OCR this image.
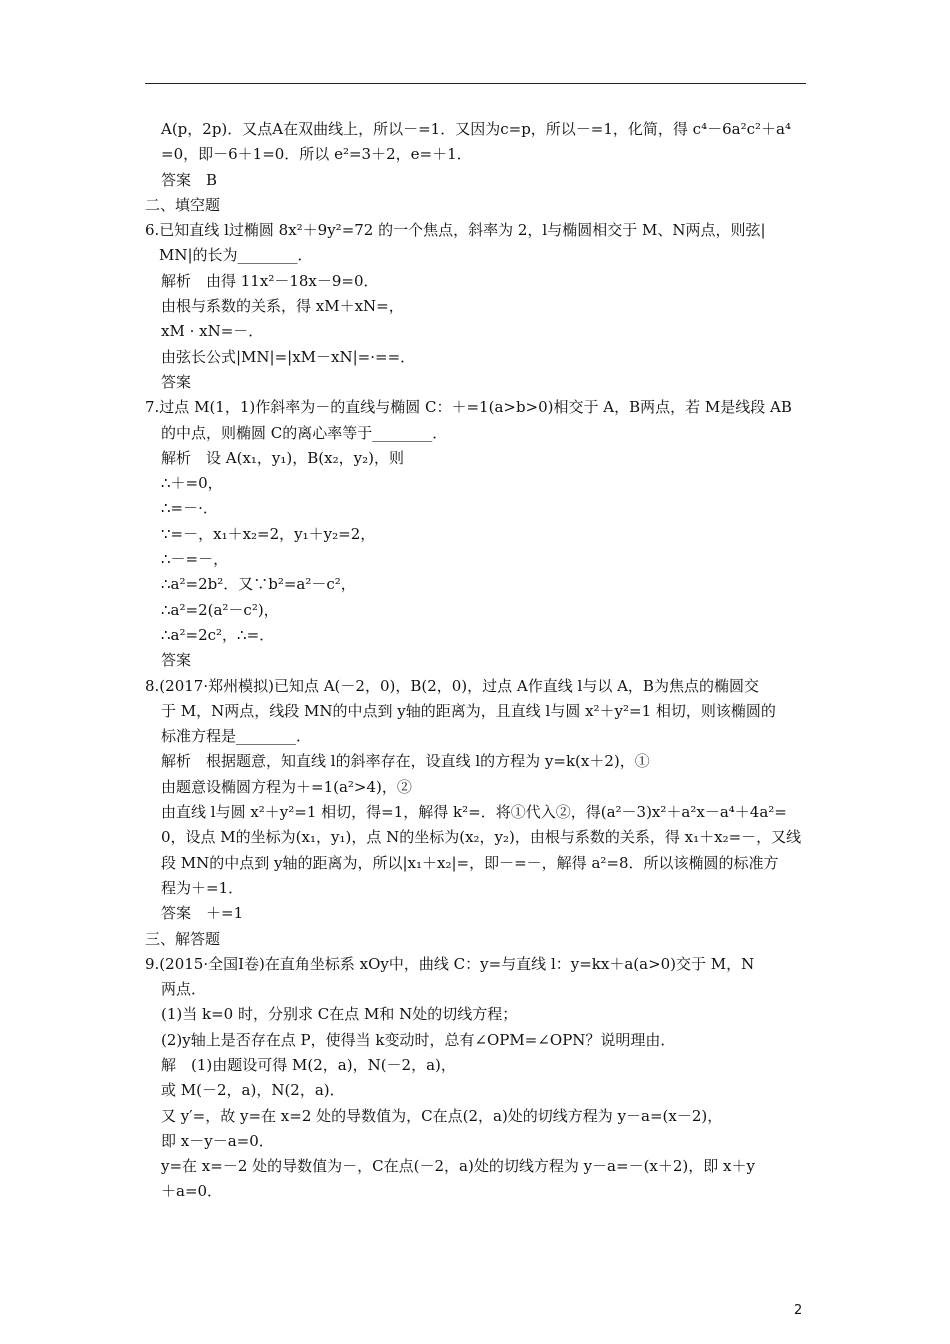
A(p，2p)．又点A在双曲线上，所以－=1．又因为c=p，所以－=1，化简，得 c⁴－6a²c²＋a⁴
=0，即－6＋1=0．所以 e²=3＋2，e=＋1．
答案　B
二、填空题
6.已知直线 l过椭圆 8x²＋9y²=72 的一个焦点，斜率为 2，l与椭圆相交于 M、N两点，则弦|
MN|的长为________．
解析　由得 11x²－18x－9=0．
由根与系数的关系，得 xM＋xN=，
xM · xN=－．
由弦长公式|MN|=|xM－xN|=·==．
答案
7.过点 M(1，1)作斜率为－的直线与椭圆 C：＋=1(a>b>0)相交于 A，B两点，若 M是线段 AB
的中点，则椭圆 C的离心率等于________．
解析　设 A(x₁，y₁)，B(x₂，y₂)，则
∴＋=0，
∴=－·．
∵=－，x₁＋x₂=2，y₁＋y₂=2，
∴－=－，
∴a²=2b²．又∵b²=a²－c²，
∴a²=2(a²－c²)，
∴a²=2c²，∴=．
答案
8.(2017·郑州模拟)已知点 A(－2，0)，B(2，0)，过点 A作直线 l与以 A，B为焦点的椭圆交
于 M，N两点，线段 MN的中点到 y轴的距离为，且直线 l与圆 x²＋y²=1 相切，则该椭圆的
标准方程是________．
解析　根据题意，知直线 l的斜率存在，设直线 l的方程为 y=k(x＋2)，①
由题意设椭圆方程为＋=1(a²>4)，②
由直线 l与圆 x²＋y²=1 相切，得=1，解得 k²=．将①代入②，得(a²－3)x²＋a²x－a⁴＋4a²=
0，设点 M的坐标为(x₁，y₁)，点 N的坐标为(x₂，y₂)，由根与系数的关系，得 x₁＋x₂=－，又线
段 MN的中点到 y轴的距离为，所以|x₁＋x₂|=，即－=－，解得 a²=8．所以该椭圆的标准方
程为＋=1．
答案　＋=1
三、解答题
9.(2015·全国Ⅰ卷)在直角坐标系 xOy中，曲线 C：y=与直线 l：y=kx＋a(a>0)交于 M，N
两点．
(1)当 k=0 时，分别求 C在点 M和 N处的切线方程；
(2)y轴上是否存在点 P，使得当 k变动时，总有∠OPM=∠OPN？说明理由．
解　(1)由题设可得 M(2，a)，N(－2，a)，
或 M(－2，a)，N(2，a)．
又 y′=，故 y=在 x=2 处的导数值为，C在点(2，a)处的切线方程为 y－a=(x－2)，
即 x－y－a=0．
y=在 x=－2 处的导数值为－，C在点(－2，a)处的切线方程为 y－a=－(x＋2)，即 x＋y
＋a=0．
2
